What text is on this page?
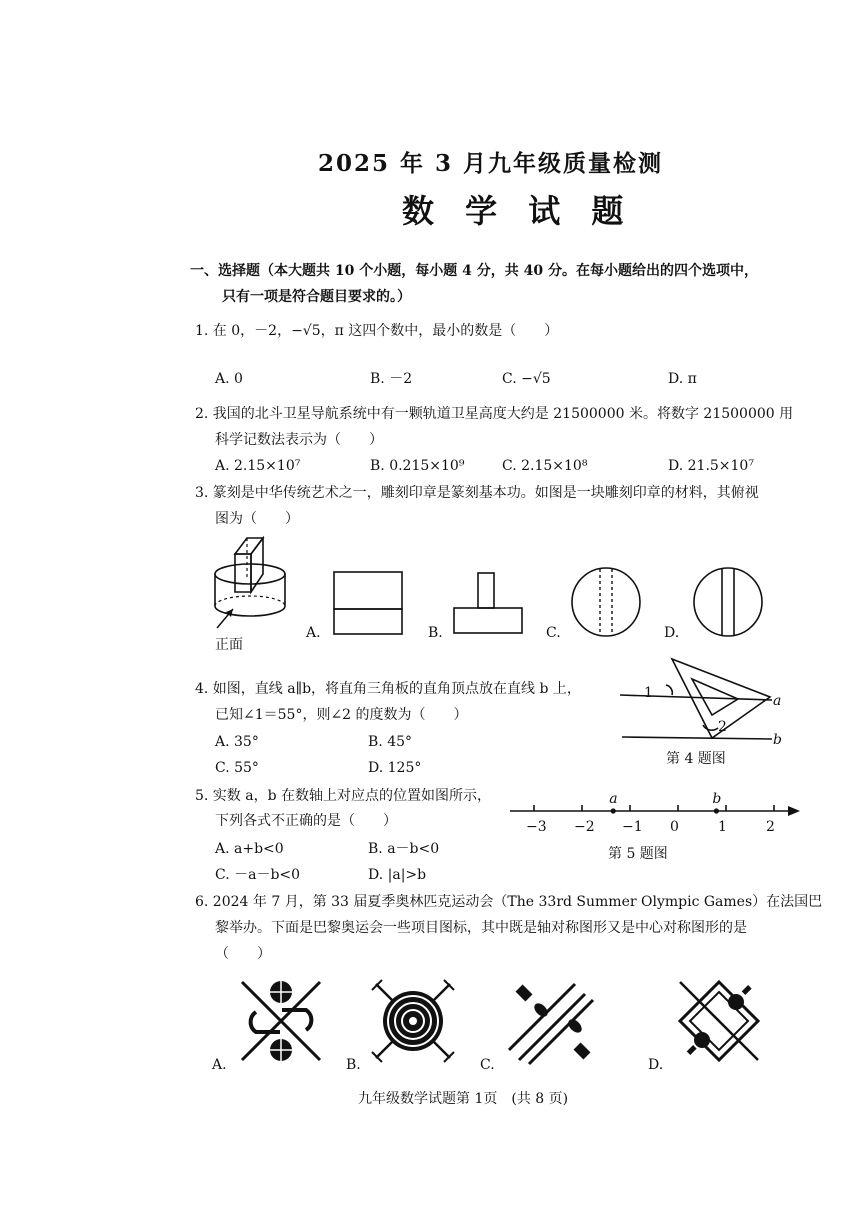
2025 年 3 月九年级质量检测
数 学 试 题
一、选择题（本大题共 10 个小题，每小题 4 分，共 40 分。在每小题给出的四个选项中，
只有一项是符合题目要求的。）
1. 在 0，－2，−√5，π 这四个数中，最小的数是（　　）
A. 0	B. －2	C. −√5	D. π
2. 我国的北斗卫星导航系统中有一颗轨道卫星高度大约是 21500000 米。将数字 21500000 用
科学记数法表示为（　　）
A. 2.15×10⁷	B. 0.215×10⁹	C. 2.15×10⁸	D. 21.5×10⁷
3. 篆刻是中华传统艺术之一，雕刻印章是篆刻基本功。如图是一块雕刻印章的材料，其俯视
图为（　　）
正面
A.	B.	C.	D.
4. 如图，直线 a∥b，将直角三角板的直角顶点放在直线 b 上，
已知∠1＝55°，则∠2 的度数为（　　）
A. 35°	B. 45°
C. 55°	D. 125°
1
2
a
b
第 4 题图
5. 实数 a，b 在数轴上对应点的位置如图所示，
下列各式不正确的是（　　）
A. a+b<0	B. a－b<0
C. －a－b<0	D. |a|>b
−3 −2 −1 0	1	2
a	b
第 5 题图
6. 2024 年 7 月，第 33 届夏季奥林匹克运动会（The 33rd Summer Olympic Games）在法国巴
黎举办。下面是巴黎奥运会一些项目图标，其中既是轴对称图形又是中心对称图形的是
（　　）
A.	B.	C.	D.
九年级数学试题第 1页　(共 8 页)
